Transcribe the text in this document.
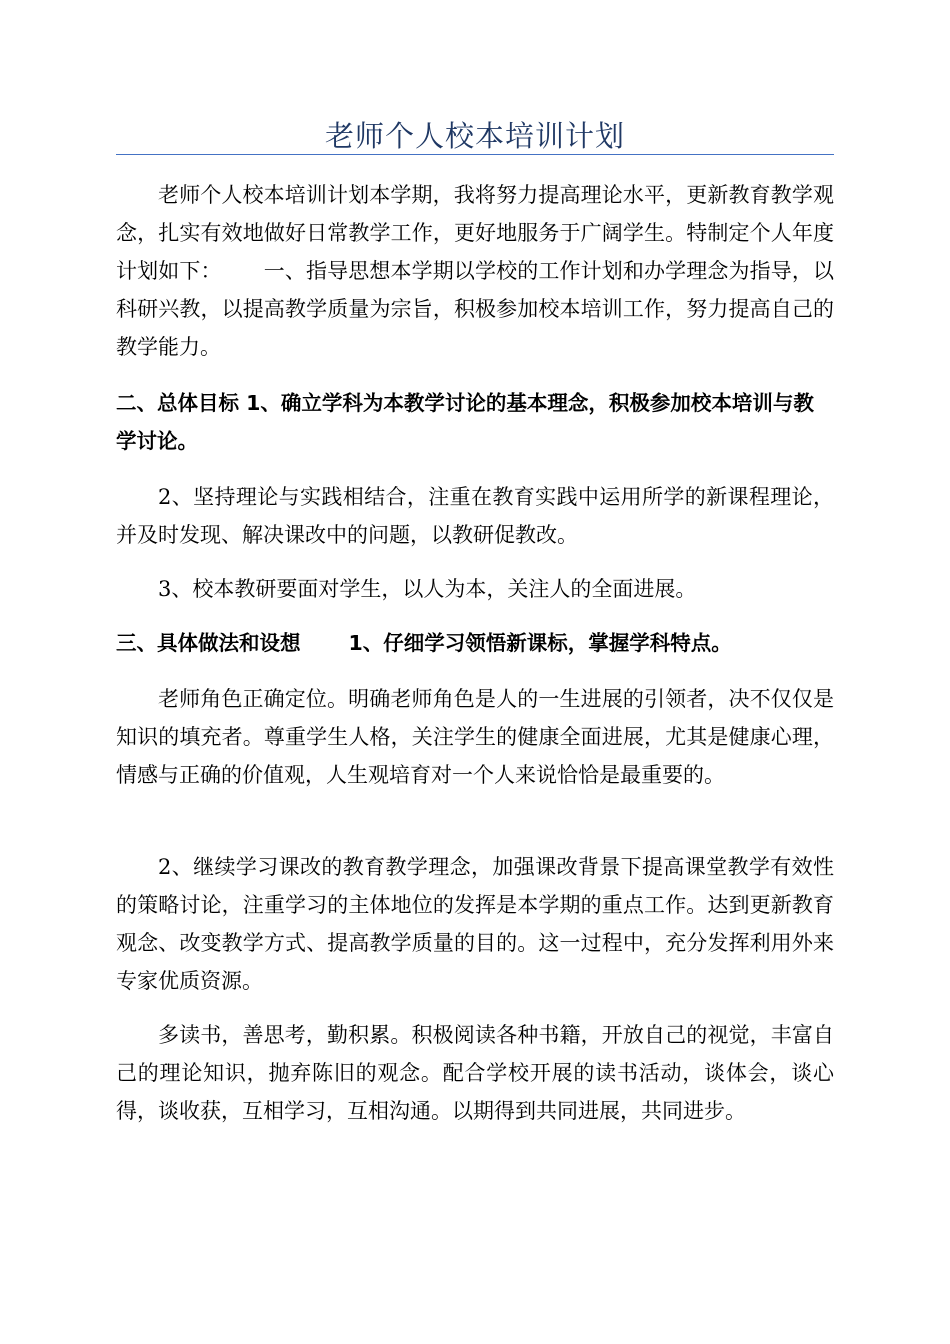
老师个人校本培训计划

老师个人校本培训计划本学期，我将努力提高理论水平，更新教育教学观念，扎实有效地做好日常教学工作，更好地服务于广阔学生。特制定个人年度计划如下： 一、指导思想本学期以学校的工作计划和办学理念为指导，以科研兴教，以提高教学质量为宗旨，积极参加校本培训工作，努力提高自己的教学能力。

二、总体目标 1、确立学科为本教学讨论的基本理念，积极参加校本培训与教学讨论。

2、坚持理论与实践相结合，注重在教育实践中运用所学的新课程理论，并及时发现、解决课改中的问题，以教研促教改。

3、校本教研要面对学生，以人为本，关注人的全面进展。

三、具体做法和设想 1、仔细学习领悟新课标，掌握学科特点。

老师角色正确定位。明确老师角色是人的一生进展的引领者，决不仅仅是知识的填充者。尊重学生人格，关注学生的健康全面进展，尤其是健康心理，情感与正确的价值观，人生观培育对一个人来说恰恰是最重要的。

2、继续学习课改的教育教学理念，加强课改背景下提高课堂教学有效性的策略讨论，注重学习的主体地位的发挥是本学期的重点工作。达到更新教育观念、改变教学方式、提高教学质量的目的。这一过程中，充分发挥利用外来专家优质资源。

多读书，善思考，勤积累。积极阅读各种书籍，开放自己的视觉，丰富自己的理论知识，抛弃陈旧的观念。配合学校开展的读书活动，谈体会，谈心得，谈收获，互相学习，互相沟通。以期得到共同进展，共同进步。
